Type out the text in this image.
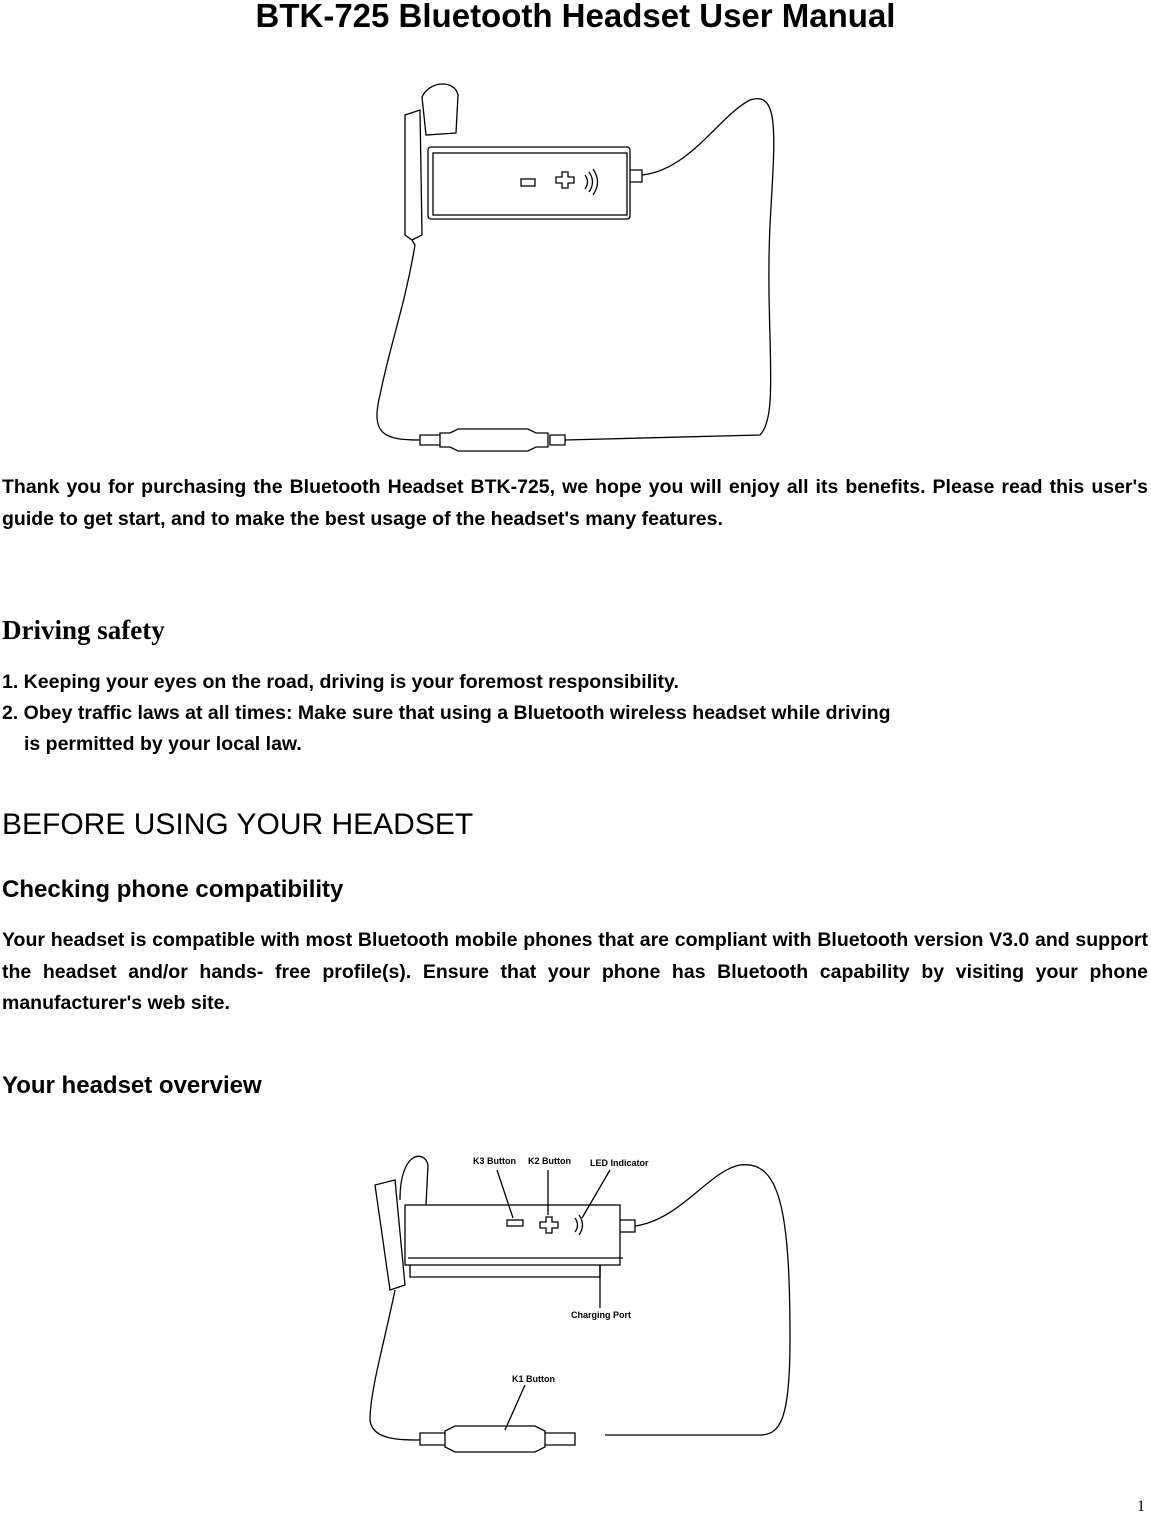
BTK-725 Bluetooth Headset User Manual
Thank you for purchasing the Bluetooth Headset BTK-725, we hope you will enjoy all its benefits. Please read this user's guide to get start, and to make the best usage of the headset's many features.
Driving safety
1. Keeping your eyes on the road, driving is your foremost responsibility.
2. Obey traffic laws at all times: Make sure that using a Bluetooth wireless headset while driving
is permitted by your local law.
BEFORE USING YOUR HEADSET
Checking phone compatibility
Your headset is compatible with most Bluetooth mobile phones that are compliant with Bluetooth version V3.0 and support the headset and/or hands- free profile(s). Ensure that your phone has Bluetooth capability by visiting your phone manufacturer's web site.
Your headset overview
K3 Button K2 Button LED Indicator
Charging Port
K1 Button
1
